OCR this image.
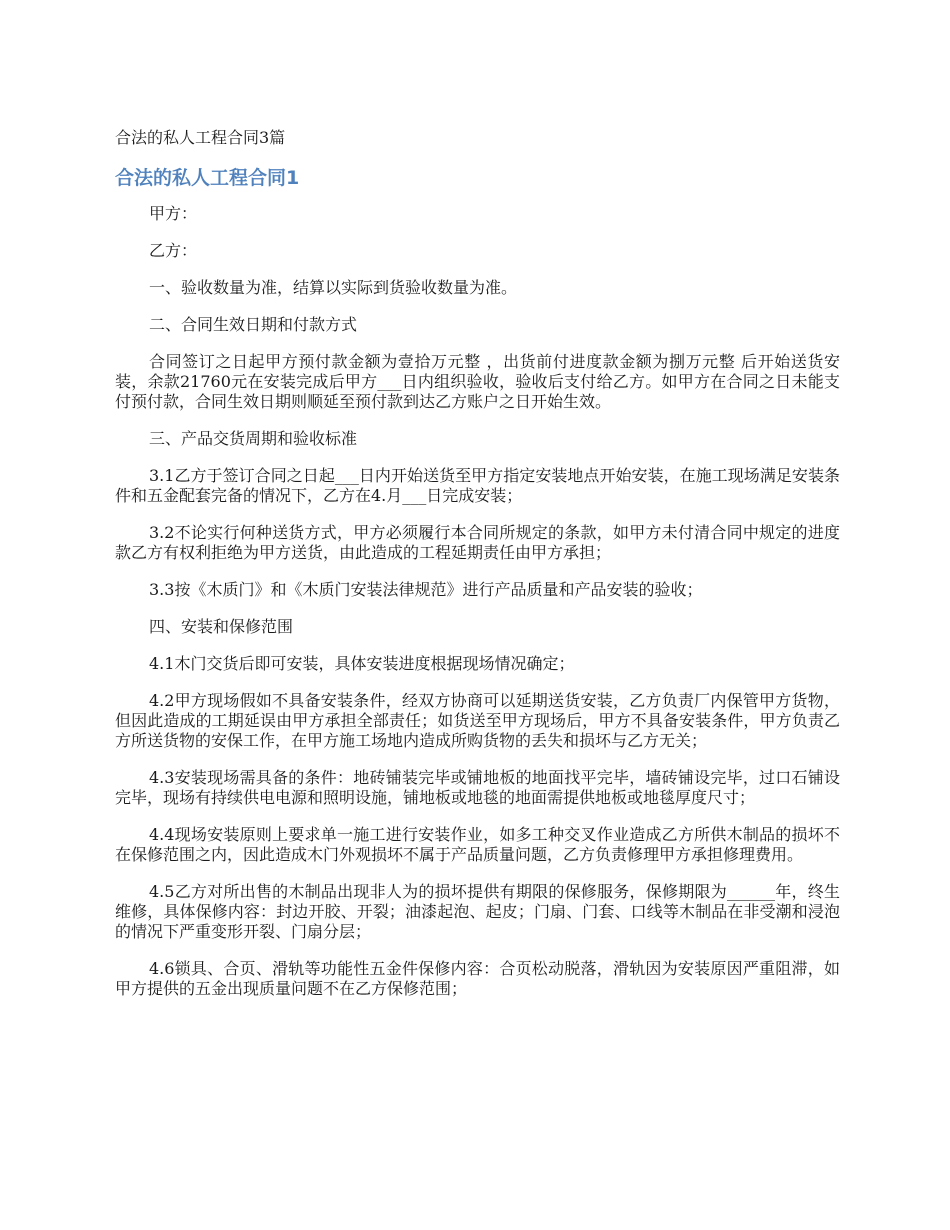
合法的私人工程合同3篇

合法的私人工程合同1

甲方：

乙方：

一、验收数量为准，结算以实际到货验收数量为准。

二、合同生效日期和付款方式

合同签订之日起甲方预付款金额为壹拾万元整 ，出货前付进度款金额为捌万元整 后开始送货安装，余款21760元在安装完成后甲方___日内组织验收，验收后支付给乙方。如甲方在合同之日未能支付预付款，合同生效日期则顺延至预付款到达乙方账户之日开始生效。

三、产品交货周期和验收标准

3.1乙方于签订合同之日起___日内开始送货至甲方指定安装地点开始安装，在施工现场满足安装条件和五金配套完备的情况下，乙方在4.月___日完成安装；

3.2不论实行何种送货方式，甲方必须履行本合同所规定的条款，如甲方未付清合同中规定的进度款乙方有权利拒绝为甲方送货，由此造成的工程延期责任由甲方承担；

3.3按《木质门》和《木质门安装法律规范》进行产品质量和产品安装的验收；

四、安装和保修范围

4.1木门交货后即可安装，具体安装进度根据现场情况确定；

4.2甲方现场假如不具备安装条件，经双方协商可以延期送货安装，乙方负责厂内保管甲方货物，但因此造成的工期延误由甲方承担全部责任；如货送至甲方现场后，甲方不具备安装条件，甲方负责乙方所送货物的安保工作，在甲方施工场地内造成所购货物的丢失和损坏与乙方无关；

4.3安装现场需具备的条件：地砖铺装完毕或铺地板的地面找平完毕，墙砖铺设完毕，过口石铺设完毕，现场有持续供电电源和照明设施，铺地板或地毯的地面需提供地板或地毯厚度尺寸；

4.4现场安装原则上要求单一施工进行安装作业，如多工种交叉作业造成乙方所供木制品的损坏不在保修范围之内，因此造成木门外观损坏不属于产品质量问题，乙方负责修理甲方承担修理费用。

4.5乙方对所出售的木制品出现非人为的损坏提供有期限的保修服务，保修期限为______年，终生维修，具体保修内容：封边开胶、开裂；油漆起泡、起皮；门扇、门套、口线等木制品在非受潮和浸泡的情况下严重变形开裂、门扇分层；

4.6锁具、合页、滑轨等功能性五金件保修内容：合页松动脱落，滑轨因为安装原因严重阻滞，如甲方提供的五金出现质量问题不在乙方保修范围；
